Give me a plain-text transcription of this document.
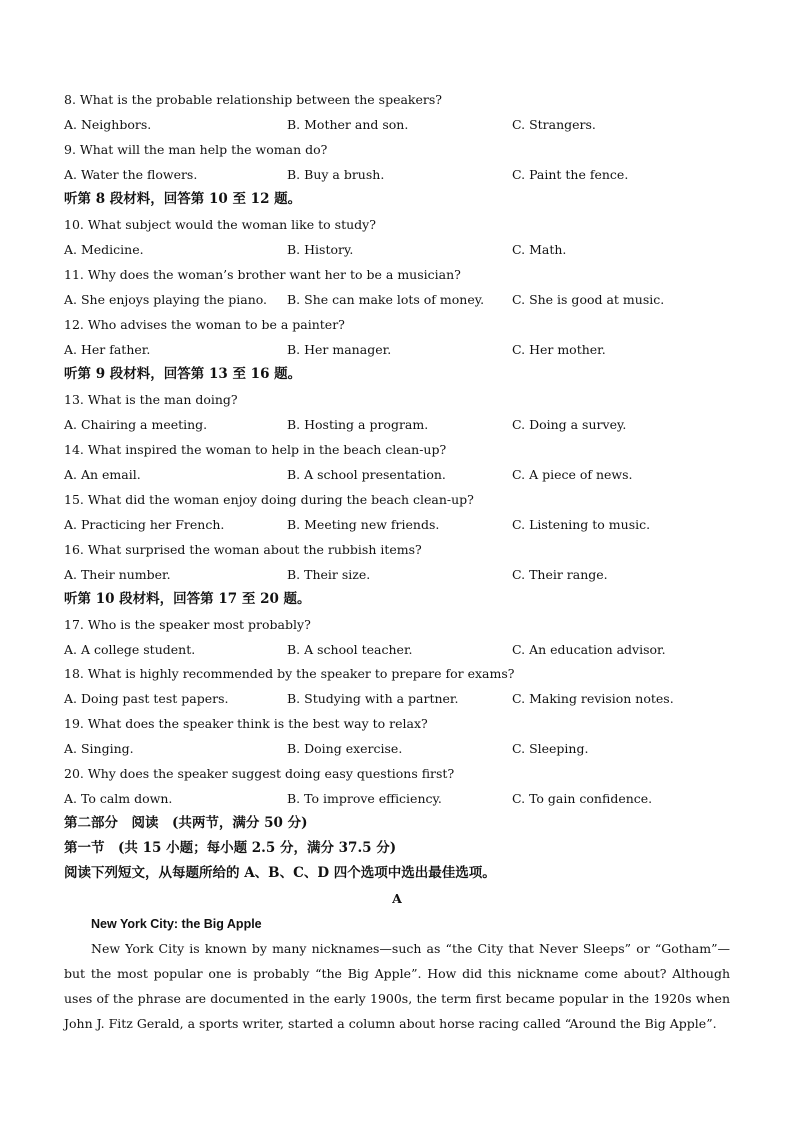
8. What is the probable relationship between the speakers?
A. Neighbors.	B. Mother and son.	C. Strangers.
9. What will the man help the woman do?
A. Water the flowers.	B. Buy a brush.	C. Paint the fence.
听第 8 段材料，回答第 10 至 12 题。
10. What subject would the woman like to study?
A. Medicine.	B. History.	C. Math.
11. Why does the woman’s brother want her to be a musician?
A. She enjoys playing the piano. B. She can make lots of money. C. She is good at music.
12. Who advises the woman to be a painter?
A. Her father.	B. Her manager.	C. Her mother.
听第 9 段材料，回答第 13 至 16 题。
13. What is the man doing?
A. Chairing a meeting.	B. Hosting a program.	C. Doing a survey.
14. What inspired the woman to help in the beach clean-up?
A. An email.	B. A school presentation.	C. A piece of news.
15. What did the woman enjoy doing during the beach clean-up?
A. Practicing her French.	B. Meeting new friends.	C. Listening to music.
16. What surprised the woman about the rubbish items?
A. Their number.	B. Their size.	C. Their range.
听第 10 段材料，回答第 17 至 20 题。
17. Who is the speaker most probably?
A. A college student.	B. A school teacher.	C. An education advisor.
18. What is highly recommended by the speaker to prepare for exams?
A. Doing past test papers.	B. Studying with a partner.	C. Making revision notes.
19. What does the speaker think is the best way to relax?
A. Singing.	B. Doing exercise.	C. Sleeping.
20. Why does the speaker suggest doing easy questions first?
A. To calm down.	B. To improve efficiency.	C. To gain confidence.
第二部分　阅读　(共两节，满分 50 分)
第一节　(共 15 小题；每小题 2.5 分，满分 37.5 分)
阅读下列短文，从每题所给的 A、B、C、D 四个选项中选出最佳选项。
A
New York City: the Big Apple
New York City is known by many nicknames—such as “the City that Never Sleeps” or “Gotham”—but the most popular one is probably “the Big Apple”. How did this nickname come about? Although uses of the phrase are documented in the early 1900s, the term first became popular in the 1920s when John J. Fitz Gerald, a sports writer, started a column about horse racing called “Around the Big Apple”.
